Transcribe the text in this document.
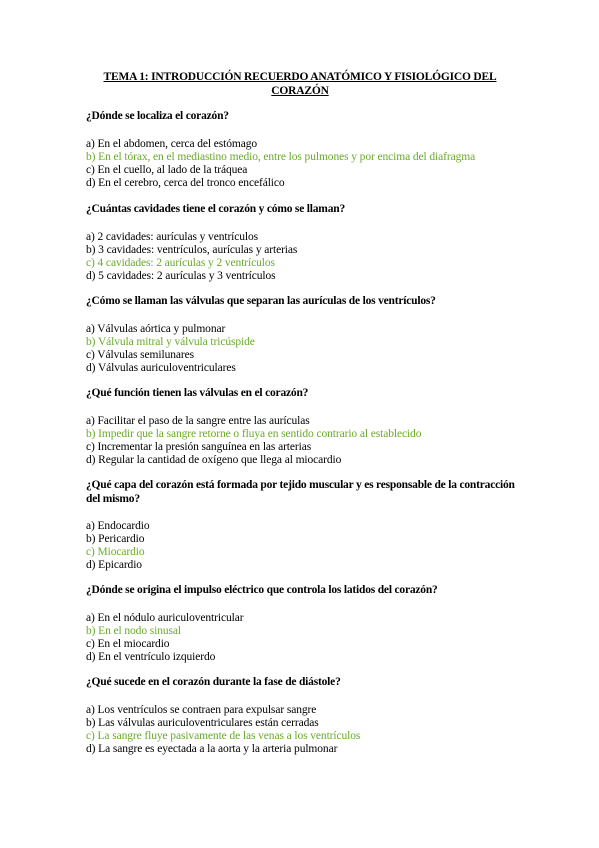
TEMA 1: INTRODUCCIÓN RECUERDO ANATÓMICO Y FISIOLÓGICO DEL CORAZÓN

¿Dónde se localiza el corazón?

a) En el abdomen, cerca del estómago

b) En el tórax, en el mediastino medio, entre los pulmones y por encima del diafragma

c) En el cuello, al lado de la tráquea

d) En el cerebro, cerca del tronco encefálico

¿Cuántas cavidades tiene el corazón y cómo se llaman?

a) 2 cavidades: aurículas y ventrículos

b) 3 cavidades: ventrículos, aurículas y arterias

c) 4 cavidades: 2 aurículas y 2 ventrículos

d) 5 cavidades: 2 aurículas y 3 ventrículos

¿Cómo se llaman las válvulas que separan las aurículas de los ventrículos?

a) Válvulas aórtica y pulmonar

b) Válvula mitral y válvula tricúspide

c) Válvulas semilunares

d) Válvulas auriculoventriculares

¿Qué función tienen las válvulas en el corazón?

a) Facilitar el paso de la sangre entre las aurículas

b) Impedir que la sangre retorne o fluya en sentido contrario al establecido

c) Incrementar la presión sanguínea en las arterias

d) Regular la cantidad de oxígeno que llega al miocardio

¿Qué capa del corazón está formada por tejido muscular y es responsable de la contracción del mismo?

a) Endocardio

b) Pericardio

c) Miocardio

d) Epicardio

¿Dónde se origina el impulso eléctrico que controla los latidos del corazón?

a) En el nódulo auriculoventricular

b) En el nodo sinusal

c) En el miocardio

d) En el ventrículo izquierdo

¿Qué sucede en el corazón durante la fase de diástole?

a) Los ventrículos se contraen para expulsar sangre

b) Las válvulas auriculoventriculares están cerradas

c) La sangre fluye pasivamente de las venas a los ventrículos

d) La sangre es eyectada a la aorta y la arteria pulmonar
